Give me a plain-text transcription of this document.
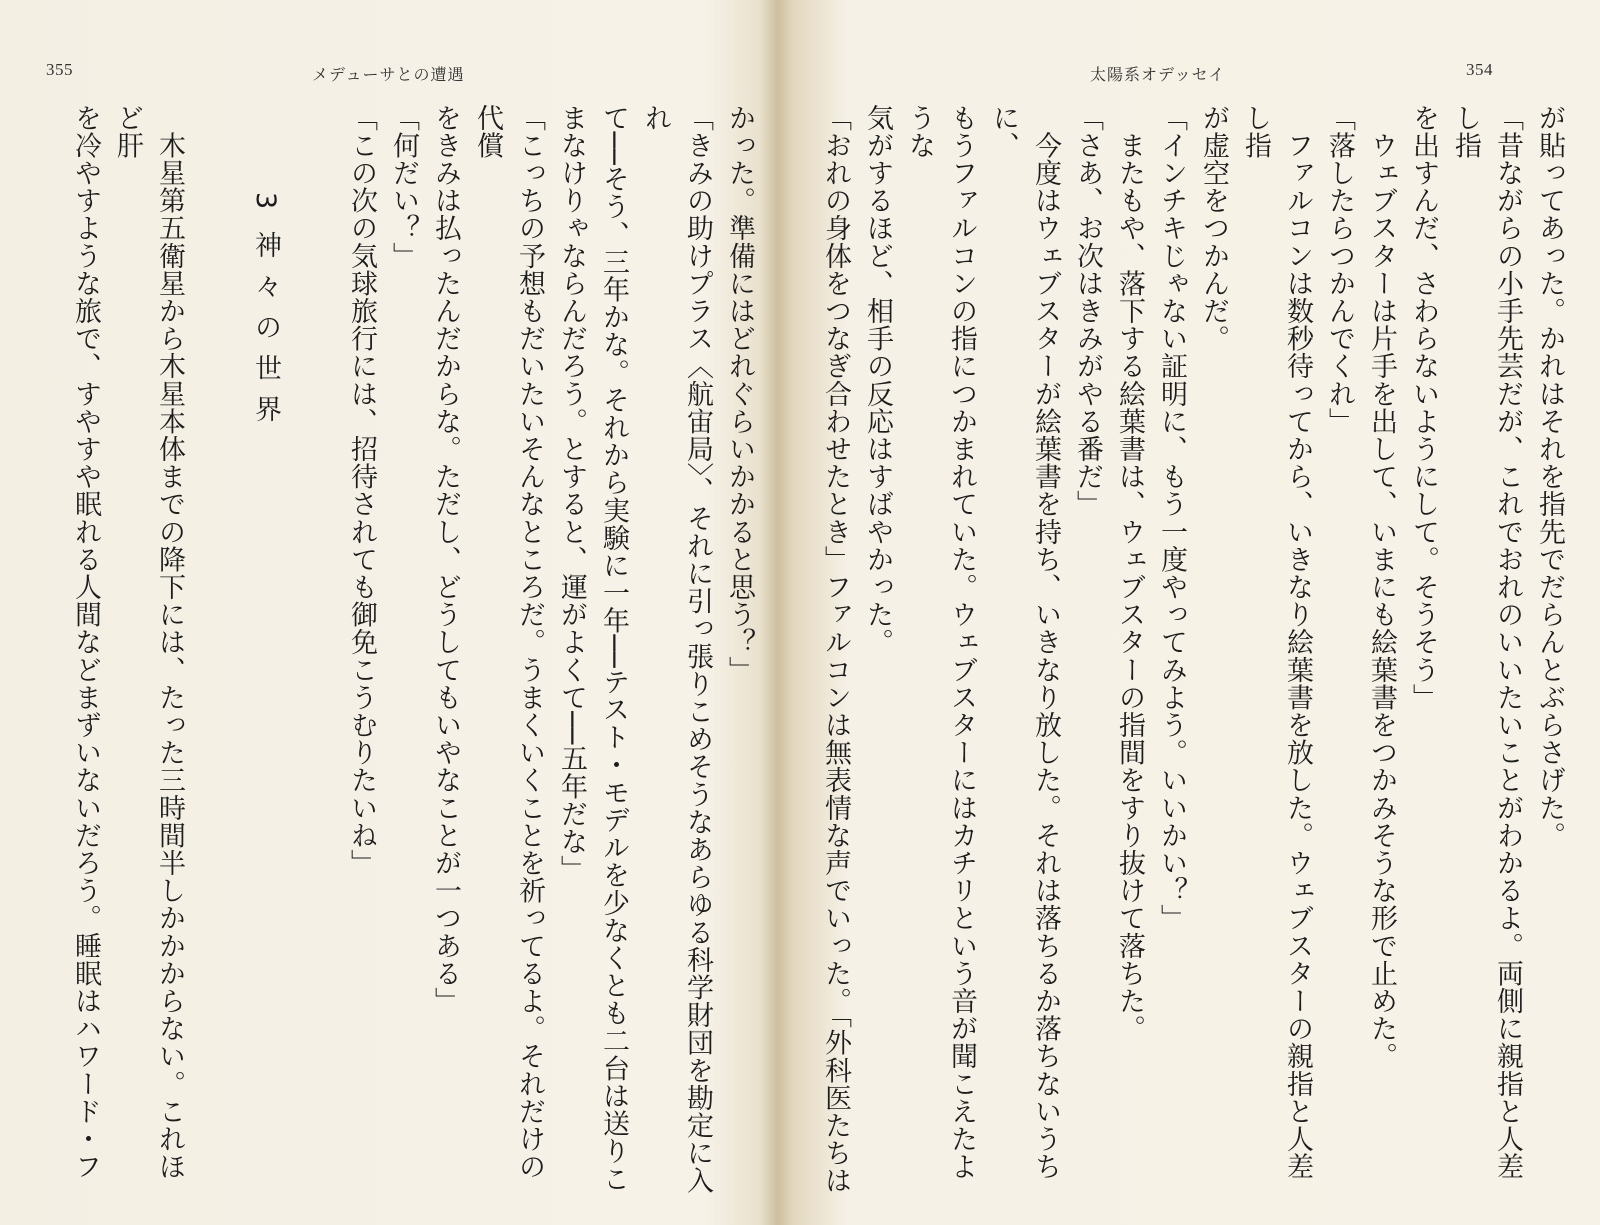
355	メデューサとの遭遇

かった。準備にはどれぐらいかかると思う？」

「きみの助けプラス〈航宙局〉、それに引っ張りこめそうなあらゆる科学財団を勘定に入れ

て──そう、三年かな。それから実験に一年──テスト・モデルを少なくとも二台は送りこ

まなけりゃならんだろう。とすると、運がよくて──五年だな」

「こっちの予想もだいたいそんなところだ。うまくいくことを祈ってるよ。それだけの代償

をきみは払ったんだからな。ただし、どうしてもいやなことが一つある」

「何だい？」

「この次の気球旅行には、招待されても御免こうむりたいね」

3神々の世界

　木星第五衛星から木星本体までの降下には、たった三時間半しかかからない。これほど肝

を冷やすような旅で、すやすや眠れる人間などまずいないだろう。睡眠はハワード・フ

太陽系オデッセイ	354

が貼ってあった。かれはそれを指先でだらんとぶらさげた。

「昔ながらの小手先芸だが、これでおれのいいたいことがわかるよ。両側に親指と人差し指

を出すんだ、さわらないようにして。そうそう」

　ウェブスターは片手を出して、いまにも絵葉書をつかみそうな形で止めた。

「落したらつかんでくれ」

　ファルコンは数秒待ってから、いきなり絵葉書を放した。ウェブスターの親指と人差し指

が虚空をつかんだ。

「インチキじゃない証明に、もう一度やってみよう。いいかい？」

　またもや、落下する絵葉書は、ウェブスターの指間をすり抜けて落ちた。

「さあ、お次はきみがやる番だ」

　今度はウェブスターが絵葉書を持ち、いきなり放した。それは落ちるか落ちないうちに、

もうファルコンの指につかまれていた。ウェブスターにはカチリという音が聞こえたような

気がするほど、相手の反応はすばやかった。

「おれの身体をつなぎ合わせたとき」ファルコンは無表情な声でいった。「外科医たちは
